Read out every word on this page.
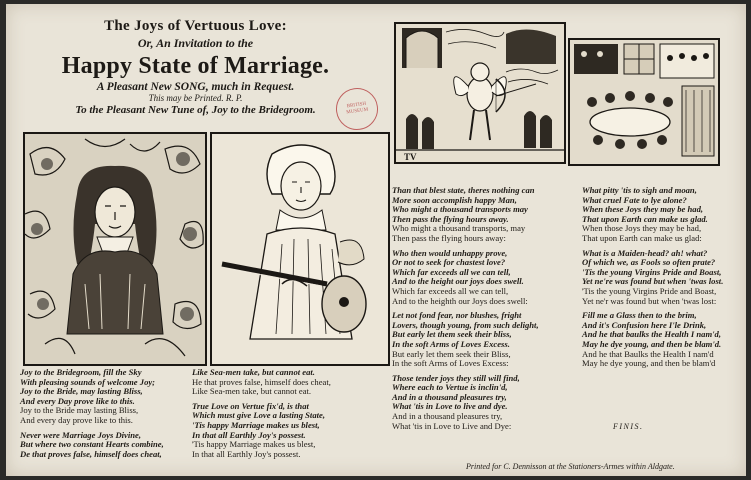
The Joys of Vertuous Love:
Or, An Invitation to the
Happy State of Marriage.
A Pleasant New SONG, much in Request.
This may be Printed. R. P.
To the Pleasant New Tune of, Joy to the Bridegroom.	BRITISH MUSEUM
TV
Joy to the Bridegroom, fill the Sky
With pleasing sounds of welcome Joy;
Joy to the Bride, may lasting Bliss,
And every Day prove like to this.
Joy to the Bride may lasting Bliss,
And every day prove like to this.
Never were Marriage Joys Divine,
But where two constant Hearts combine,
De that proves false, himself does cheat,
Like Sea-men take, but cannot eat.
He that proves false, himself does cheat,
Like Sea-men take, but cannot eat.
True Love on Vertue fix'd, is that
Which must give Love a lasting State,
'Tis happy Marriage makes us blest,
In that all Earthly Joy's possest.
'Tis happy Marriage makes us blest,
In that all Earthly Joy's possest.
Than that blest state, theres nothing can
More soon accomplish happy Man,
Who might a thousand transports may
Then pass the flying hours away.
Who might a thousand transports, may
Then pass the flying hours away:
Who then would unhappy prove,
Or not to seek for chastest love?
Which far exceeds all we can tell,
And to the height our joys does swell.
Which far exceeds all we can tell,
And to the heighth our Joys does swell:
Let not fond fear, nor blushes, fright
Lovers, though young, from such delight,
But early let them seek their bliss,
In the soft Arms of Loves Excess.
But early let them seek their Bliss,
In the soft Arms of Loves Excess:
Those tender joys they still will find,
Where each to Vertue is inclin'd,
And in a thousand pleasures try,
What 'tis in Love to live and dye.
And in a thousand pleasures try,
What 'tis in Love to Live and Dye:
What pitty 'tis to sigh and moan,
What cruel Fate to lye alone?
When these Joys they may be had,
That upon Earth can make us glad.
When those Joys they may be had,
That upon Earth can make us glad:
What is a Maiden-head? ah! what?
Of which we, as Fools so often prate?
'Tis the young Virgins Pride and Boast,
Yet ne're was found but when 'twas lost.
'Tis the young Virgins Pride and Boast,
Yet ne'r was found but when 'twas lost:
Fill me a Glass then to the brim,
And it's Confusion here I'le Drink,
And he that baulks the Health I nam'd,
May he dye young, and then be blam'd.
And he that Baulks the Health I nam'd
May he dye young, and then be blam'd
FINIS.
Printed for C. Dennisson at the Stationers-Armes within Aldgate.
